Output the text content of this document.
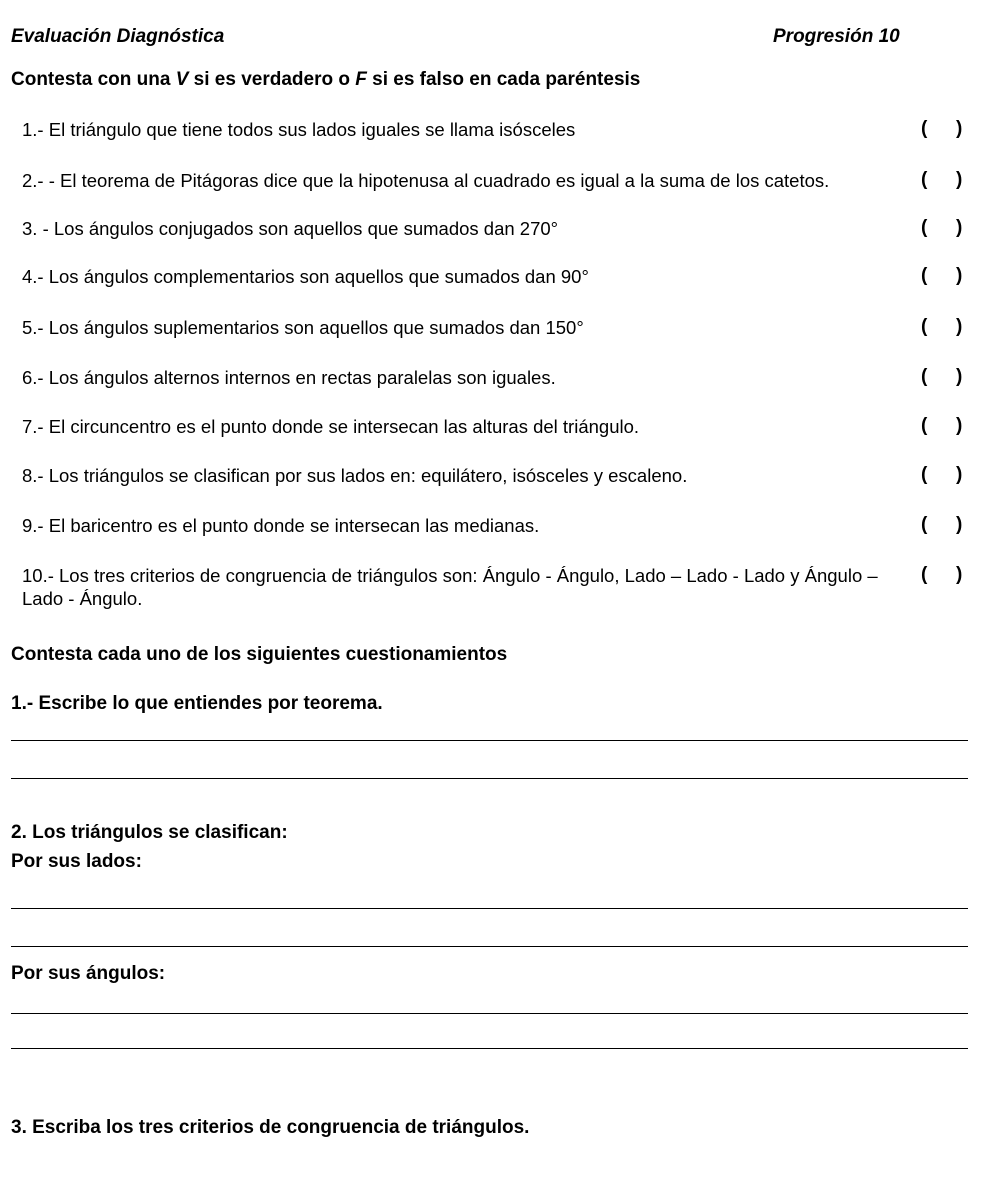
Evaluación Diagnóstica	Progresión 10
Contesta con una V si es verdadero o F si es falso en cada paréntesis
1.- El triángulo que tiene todos sus lados iguales se llama isósceles	( )
2.- - El teorema de Pitágoras dice que la hipotenusa al cuadrado es igual a la suma de los catetos.	( )
3. - Los ángulos conjugados son aquellos que sumados dan 270°	( )
4.- Los ángulos complementarios son aquellos que sumados dan 90°	( )
5.- Los ángulos suplementarios son aquellos que sumados dan 150°	( )
6.- Los ángulos alternos internos en rectas paralelas son iguales.	( )
7.- El circuncentro es el punto donde se intersecan las alturas del triángulo.	( )
8.- Los triángulos se clasifican por sus lados en: equilátero, isósceles y escaleno.	( )
9.- El baricentro es el punto donde se intersecan las medianas.	( )
10.- Los tres criterios de congruencia de triángulos son: Ángulo - Ángulo, Lado – Lado - Lado y Ángulo – Lado - Ángulo.
( )
Contesta cada uno de los siguientes cuestionamientos
1.- Escribe lo que entiendes por teorema.
2. Los triángulos se clasifican:
Por sus lados:
Por sus ángulos:
3. Escriba los tres criterios de congruencia de triángulos.
